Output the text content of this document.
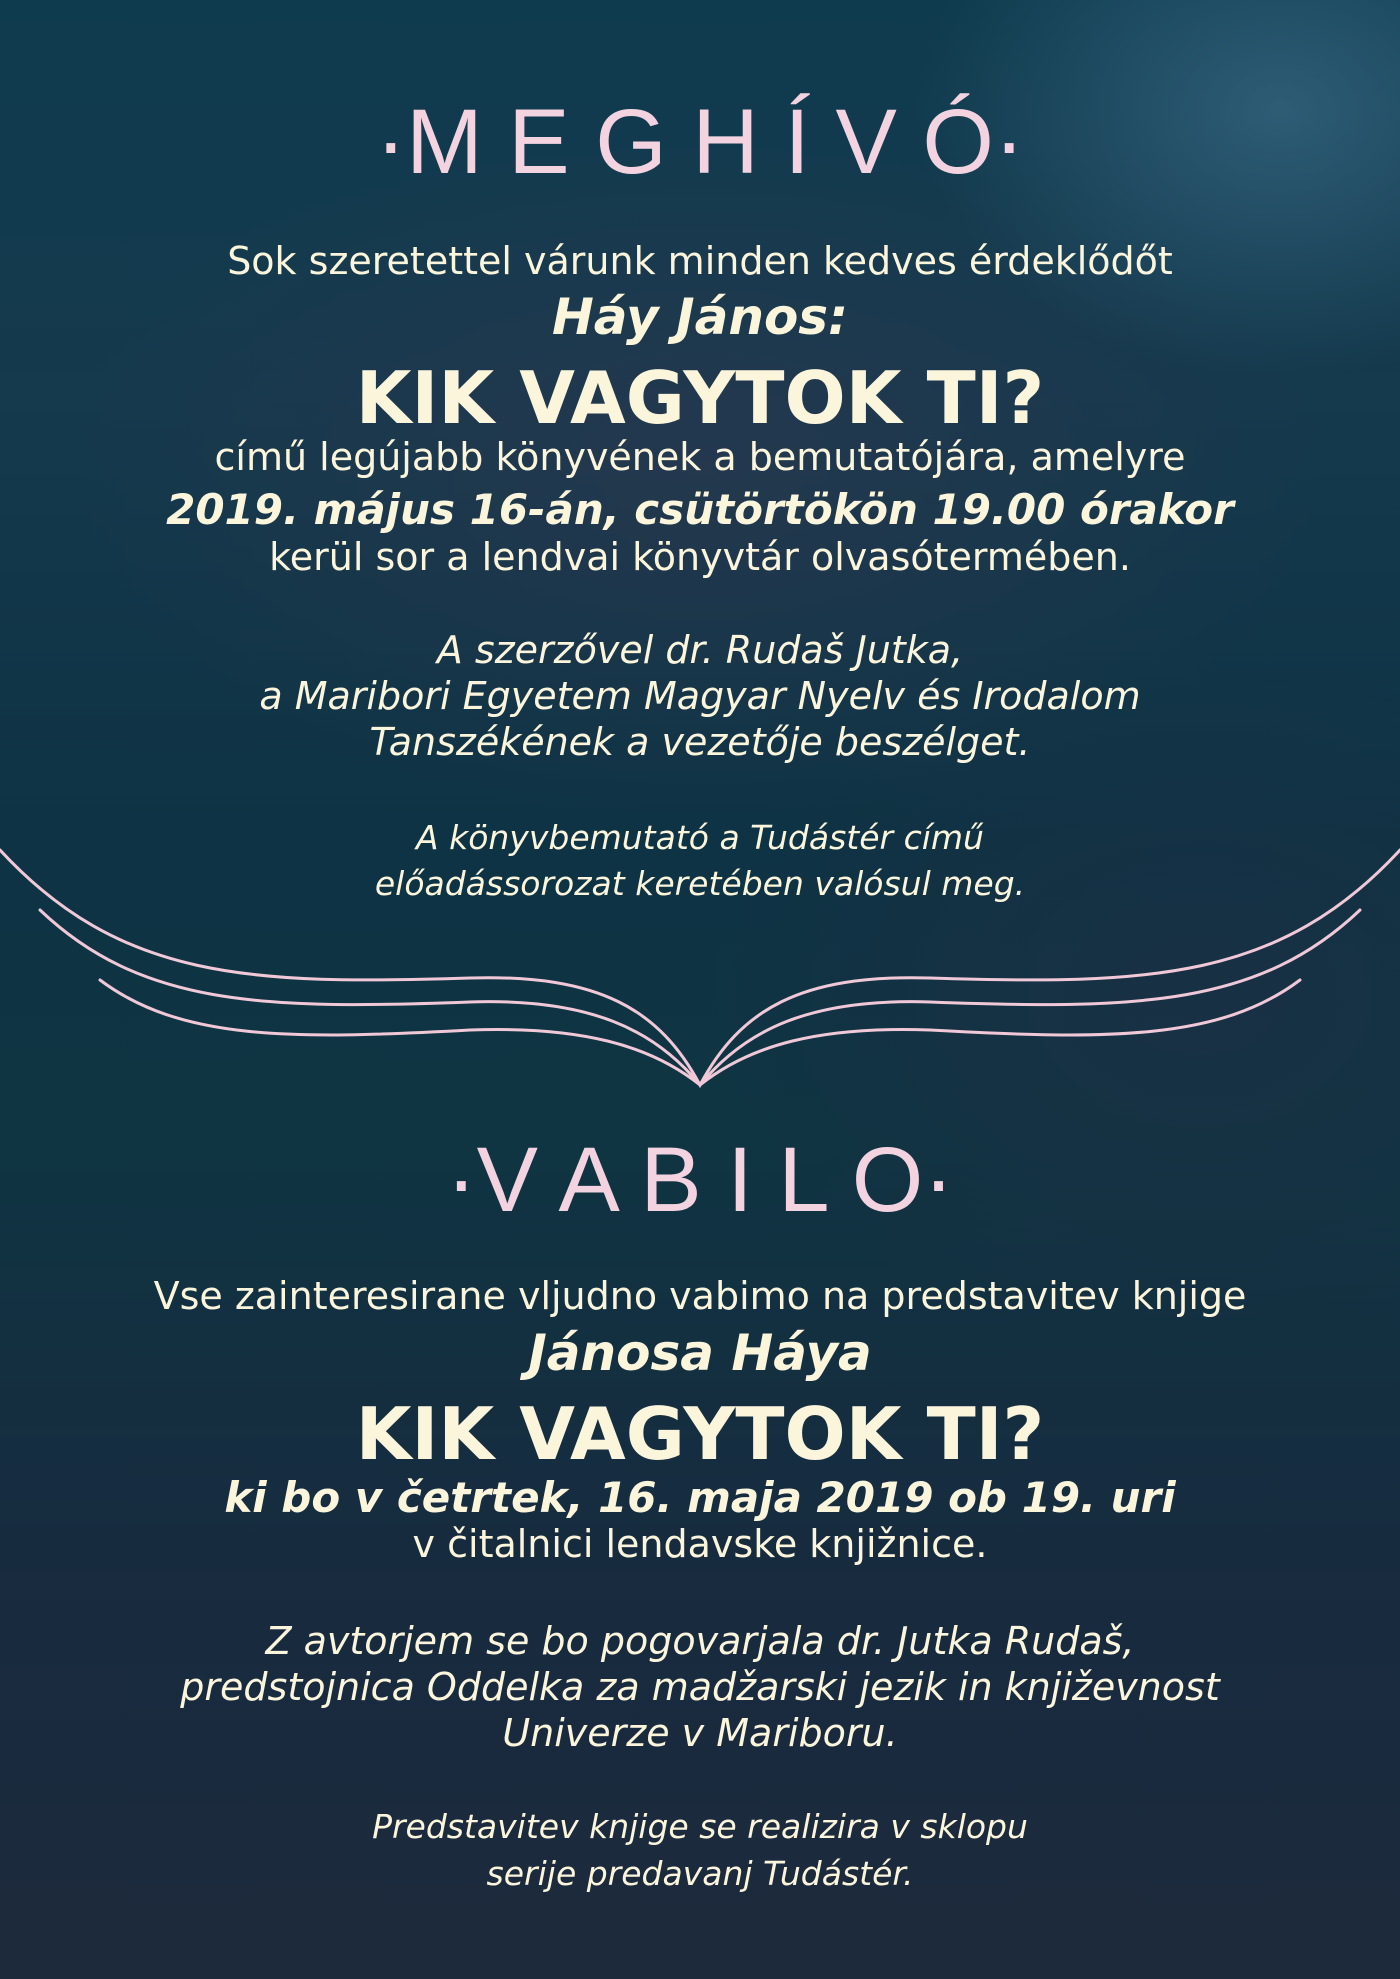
·M E G H Í V Ó·
Sok szeretettel várunk minden kedves érdeklődőt
Háy János:
KIK VAGYTOK TI?
című legújabb könyvének a bemutatójára, amelyre
2019. május 16-án, csütörtökön 19.00 órakor
kerül sor a lendvai könyvtár olvasótermében.
A szerzővel dr. Rudaš Jutka,
a Maribori Egyetem Magyar Nyelv és Irodalom
Tanszékének a vezetője beszélget.
A könyvbemutató a Tudástér című
előadássorozat keretében valósul meg.
·V A B I L O·
Vse zainteresirane vljudno vabimo na predstavitev knjige
Jánosa Háya
KIK VAGYTOK TI?
ki bo v četrtek, 16. maja 2019 ob 19. uri
v čitalnici lendavske knjižnice.
Z avtorjem se bo pogovarjala dr. Jutka Rudaš,
predstojnica Oddelka za madžarski jezik in književnost
Univerze v Mariboru.
Predstavitev knjige se realizira v sklopu
serije predavanj Tudástér.
